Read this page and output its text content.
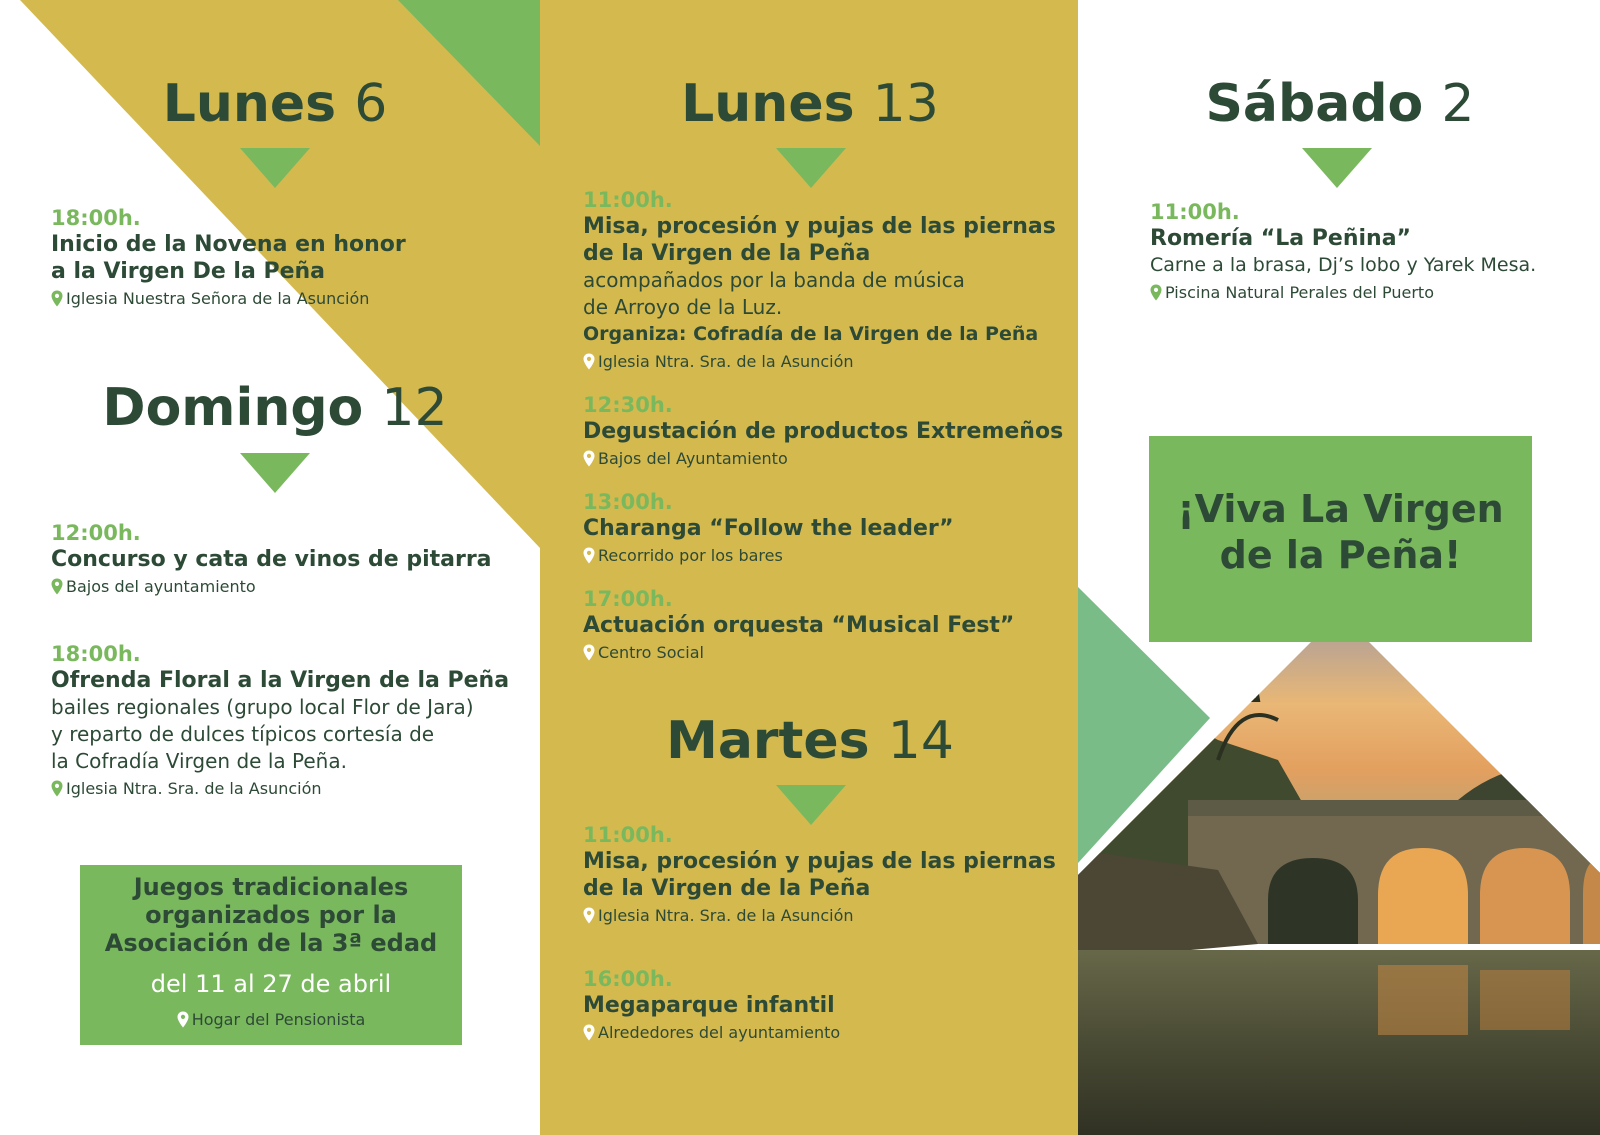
Lunes 6
18:00h.
Inicio de la Novena en honor
a la Virgen De la Peña
Iglesia Nuestra Señora de la Asunción
Domingo 12
12:00h.
Concurso y cata de vinos de pitarra
Bajos del ayuntamiento
18:00h.
Ofrenda Floral a la Virgen de la Peña
bailes regionales (grupo local Flor de Jara)
y reparto de dulces típicos cortesía de
la Cofradía Virgen de la Peña.
Iglesia Ntra. Sra. de la Asunción
Juegos tradicionales
organizados por la
Asociación de la 3ª edad
del 11 al 27 de abril
Hogar del Pensionista
Lunes 13
11:00h.
Misa, procesión y pujas de las piernas
de la Virgen de la Peña
acompañados por la banda de música
de Arroyo de la Luz.
Organiza: Cofradía de la Virgen de la Peña
Iglesia Ntra. Sra. de la Asunción
12:30h.
Degustación de productos Extremeños
Bajos del Ayuntamiento
13:00h.
Charanga “Follow the leader”
Recorrido por los bares
17:00h.
Actuación orquesta “Musical Fest”
Centro Social
Martes 14
11:00h.
Misa, procesión y pujas de las piernas
de la Virgen de la Peña
Iglesia Ntra. Sra. de la Asunción
16:00h.
Megaparque infantil
Alrededores del ayuntamiento
Sábado 2
11:00h.
Romería “La Peñina”
Carne a la brasa, Dj’s lobo y Yarek Mesa.
Piscina Natural Perales del Puerto
¡Viva La Virgen
de la Peña!
